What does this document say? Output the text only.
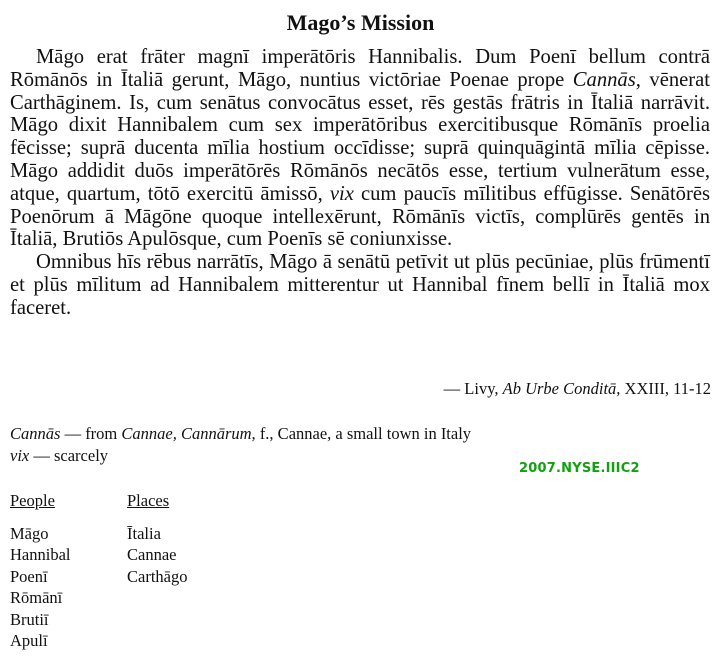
Mago’s Mission

Māgo erat frāter magnī imperātōris Hannibalis. Dum Poenī bellum contrā Rōmānōs in Ītaliā gerunt, Māgo, nuntius victōriae Poenae prope Cannās, vēnerat Carthāginem. Is, cum senātus convocātus esset, rēs gestās frātris in Ītaliā narrāvit. Māgo dixit Hannibalem cum sex imperātōribus exercitibusque Rōmānīs proelia fēcisse; suprā ducenta mīlia hostium occīdisse; suprā quinquāgintā mīlia cēpisse. Māgo addidit duōs imperātōrēs Rōmānōs necātōs esse, tertium vulnerātum esse, atque, quartum, tōtō exercitū āmissō, vix cum paucīs mīlitibus effūgisse. Senātōrēs Poenōrum ā Māgōne quoque intellexērunt, Rōmānīs victīs, complūrēs gentēs in Ītaliā, Brutiōs Apulōsque, cum Poenīs sē coniunxisse.

Omnibus hīs rēbus narrātīs, Māgo ā senātū petīvit ut plūs pecūniae, plūs frūmentī et plūs mīlitum ad Hannibalem mitterentur ut Hannibal fīnem bellī in Ītaliā mox faceret.

— Livy, Ab Urbe Conditā, XXIII, 11-12
Cannās — from Cannae, Cannārum, f., Cannae, a small town in Italy
vix — scarcely
2007.NYSE.IIIC2
People
Māgo
Hannibal
Poenī
Rōmānī
Brutiī
Apulī
Places
Ītalia
Cannae
Carthāgo
